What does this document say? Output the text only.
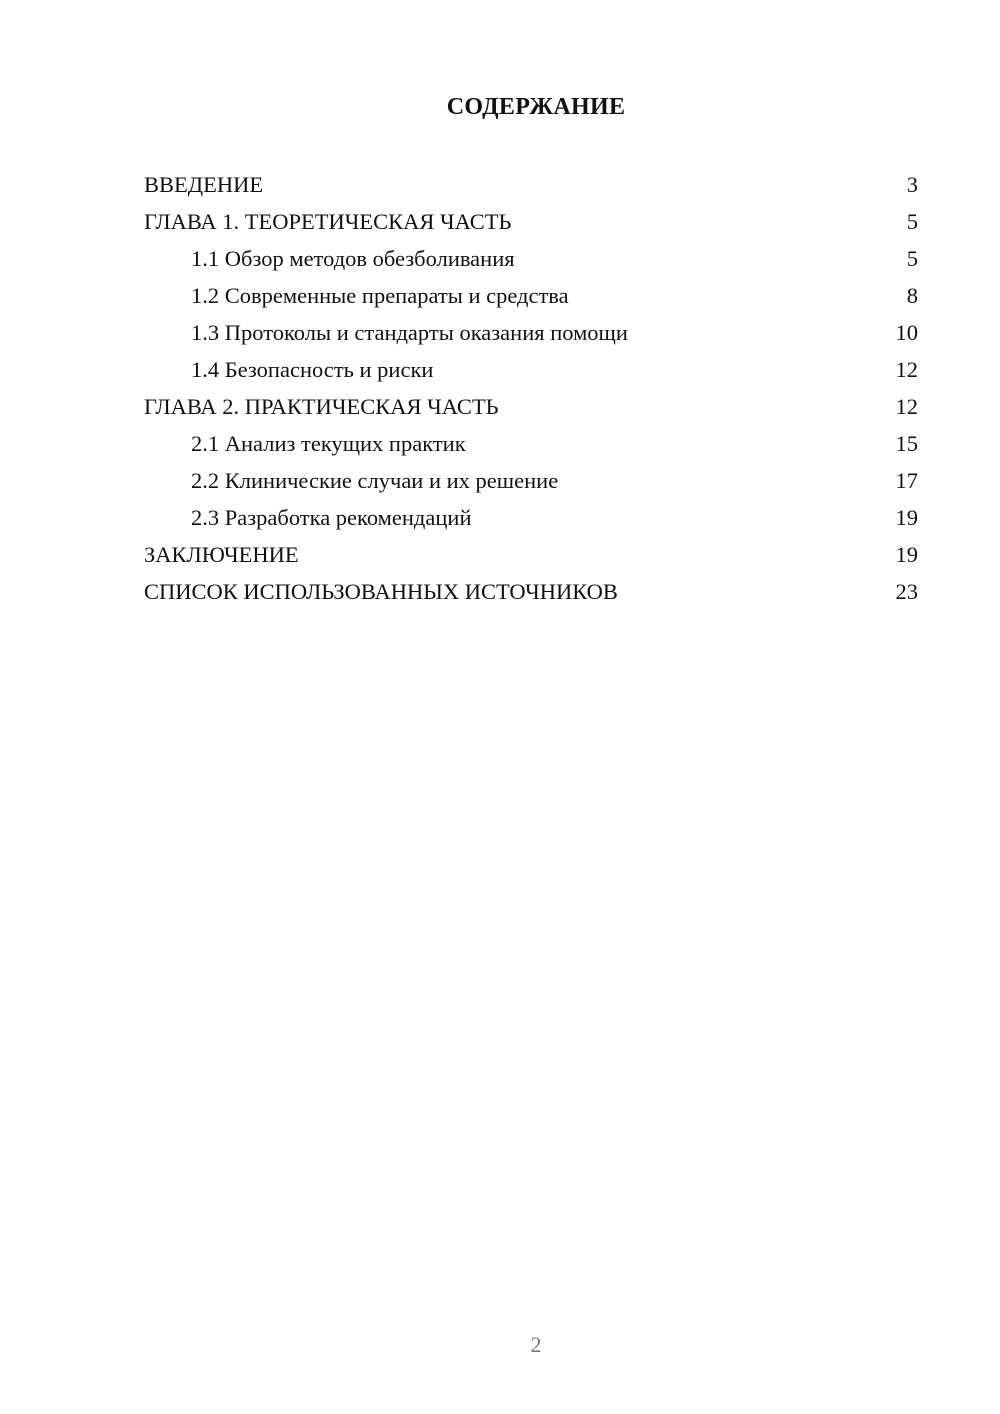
СОДЕРЖАНИЕ
ВВЕДЕНИЕ	3
ГЛАВА 1. ТЕОРЕТИЧЕСКАЯ ЧАСТЬ	5
1.1 Обзор методов обезболивания	5
1.2 Современные препараты и средства	8
1.3 Протоколы и стандарты оказания помощи	10
1.4 Безопасность и риски	12
ГЛАВА 2. ПРАКТИЧЕСКАЯ ЧАСТЬ	12
2.1 Анализ текущих практик	15
2.2 Клинические случаи и их решение	17
2.3 Разработка рекомендаций	19
ЗАКЛЮЧЕНИЕ	19
СПИСОК ИСПОЛЬЗОВАННЫХ ИСТОЧНИКОВ	23
2
